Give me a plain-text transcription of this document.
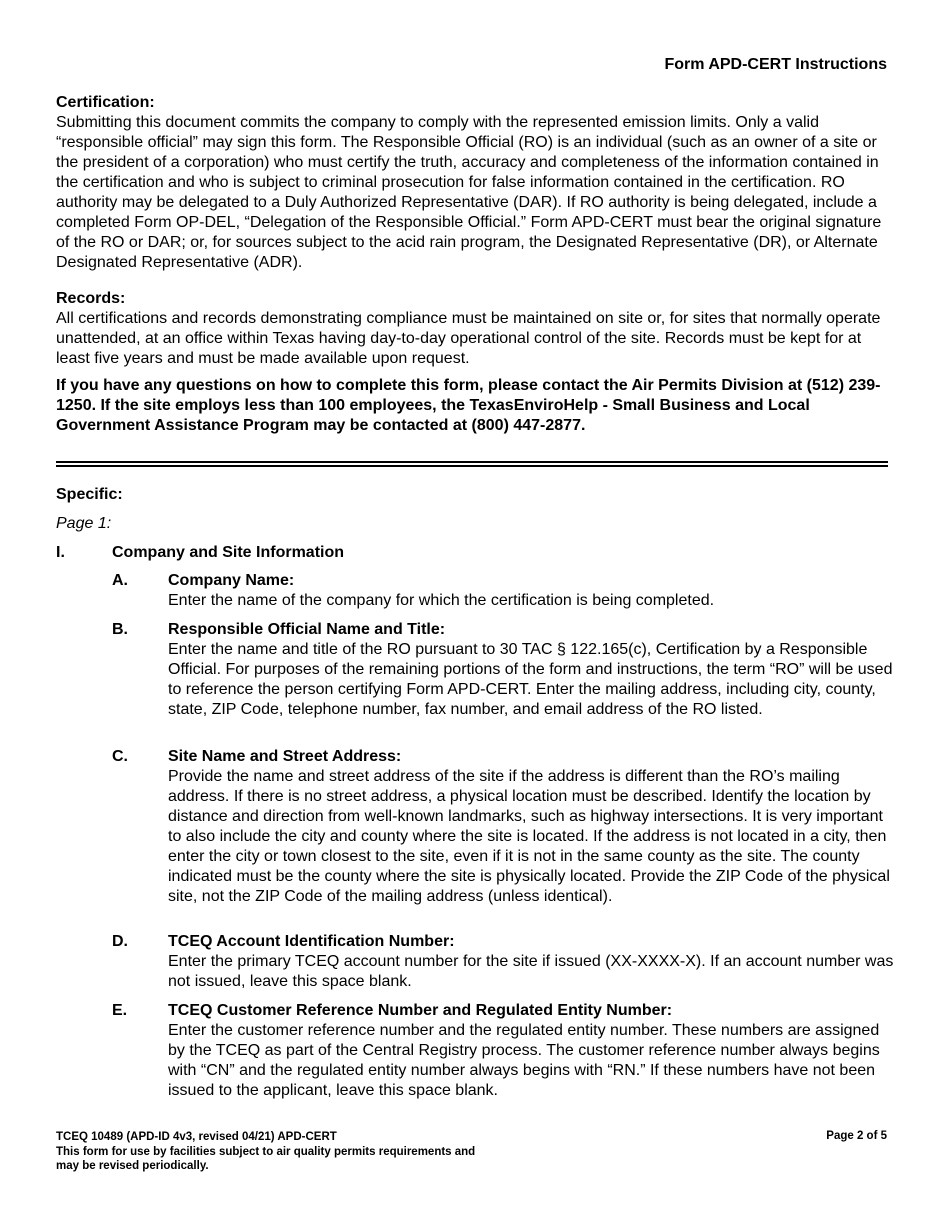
Form APD-CERT Instructions
Certification:
Submitting this document commits the company to comply with the represented emission limits. Only a valid “responsible official” may sign this form. The Responsible Official (RO) is an individual (such as an owner of a site or the president of a corporation) who must certify the truth, accuracy and completeness of the information contained in the certification and who is subject to criminal prosecution for false information contained in the certification. RO authority may be delegated to a Duly Authorized Representative (DAR). If RO authority is being delegated, include a completed Form OP-DEL, “Delegation of the Responsible Official.” Form APD-CERT must bear the original signature of the RO or DAR; or, for sources subject to the acid rain program, the Designated Representative (DR), or Alternate Designated Representative (ADR).
Records:
All certifications and records demonstrating compliance must be maintained on site or, for sites that normally operate unattended, at an office within Texas having day-to-day operational control of the site. Records must be kept for at least five years and must be made available upon request.
If you have any questions on how to complete this form, please contact the Air Permits Division at (512) 239-1250. If the site employs less than 100 employees, the TexasEnviroHelp - Small Business and Local Government Assistance Program may be contacted at (800) 447-2877.
Specific:
Page 1:
I.	Company and Site Information
A.	Company Name:
Enter the name of the company for which the certification is being completed.
B.	Responsible Official Name and Title:
Enter the name and title of the RO pursuant to 30 TAC § 122.165(c), Certification by a Responsible Official. For purposes of the remaining portions of the form and instructions, the term “RO” will be used to reference the person certifying Form APD-CERT. Enter the mailing address, including city, county, state, ZIP Code, telephone number, fax number, and email address of the RO listed.
C.	Site Name and Street Address:
Provide the name and street address of the site if the address is different than the RO’s mailing address. If there is no street address, a physical location must be described. Identify the location by distance and direction from well-known landmarks, such as highway intersections. It is very important to also include the city and county where the site is located. If the address is not located in a city, then enter the city or town closest to the site, even if it is not in the same county as the site. The county indicated must be the county where the site is physically located. Provide the ZIP Code of the physical site, not the ZIP Code of the mailing address (unless identical).
D.	TCEQ Account Identification Number:
Enter the primary TCEQ account number for the site if issued (XX-XXXX-X). If an account number was not issued, leave this space blank.
E.	TCEQ Customer Reference Number and Regulated Entity Number:
Enter the customer reference number and the regulated entity number. These numbers are assigned by the TCEQ as part of the Central Registry process. The customer reference number always begins with “CN” and the regulated entity number always begins with “RN.” If these numbers have not been issued to the applicant, leave this space blank.
TCEQ 10489 (APD-ID 4v3, revised 04/21) APD-CERT
This form for use by facilities subject to air quality permits requirements and
may be revised periodically.
Page 2 of 5
